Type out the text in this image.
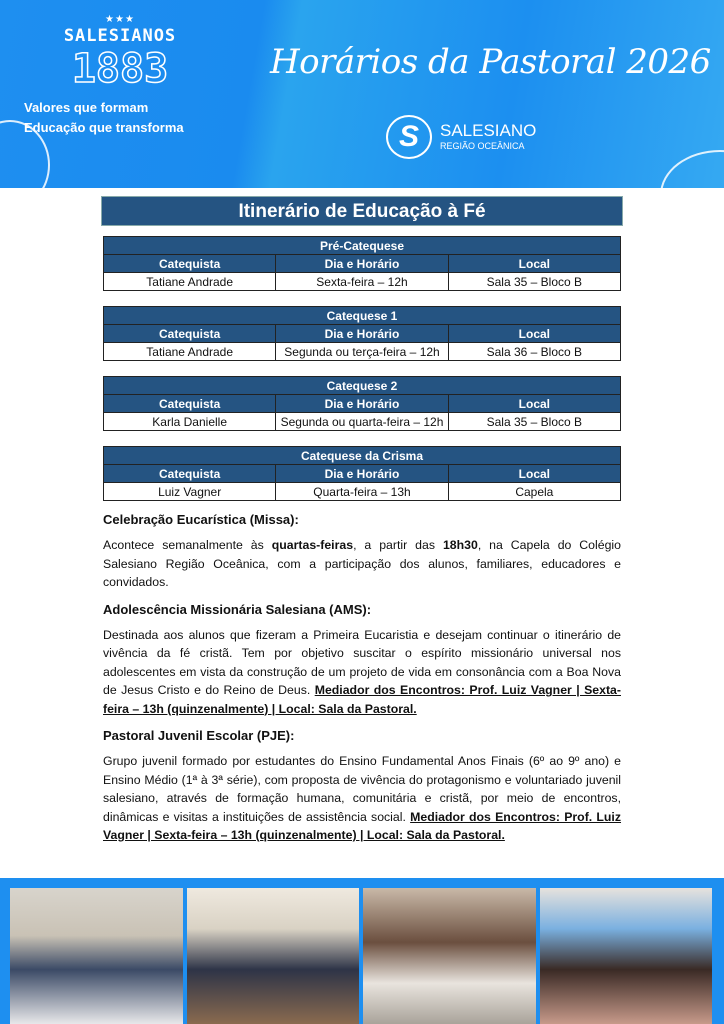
★★★
SALESIANOS
1883
Valores que formam
Educação que transforma
Horários da Pastoral 2026
S	SALESIANO
REGIÃO OCEÂNICA
Itinerário de Educação à Fé
Pré-Catequese		
Catequista	Dia e Horário	Local
Tatiane Andrade	Sexta-feira – 12h	Sala 35 – Bloco B
Catequese 1		
Catequista	Dia e Horário	Local
Tatiane Andrade	Segunda ou terça-feira – 12h	Sala 36 – Bloco B
Catequese 2		
Catequista	Dia e Horário	Local
Karla Danielle	Segunda ou quarta-feira – 12h	Sala 35 – Bloco B
Catequese da Crisma		
Catequista	Dia e Horário	Local
Luiz Vagner	Quarta-feira – 13h	Capela
Celebração Eucarística (Missa):
Acontece semanalmente às quartas-feiras, a partir das 18h30, na Capela do Colégio Salesiano Região Oceânica, com a participação dos alunos, familiares, educadores e convidados.
Adolescência Missionária Salesiana (AMS):
Destinada aos alunos que fizeram a Primeira Eucaristia e desejam continuar o itinerário de vivência da fé cristã. Tem por objetivo suscitar o espírito missionário universal nos adolescentes em vista da construção de um projeto de vida em consonância com a Boa Nova de Jesus Cristo e do Reino de Deus. Mediador dos Encontros: Prof. Luiz Vagner | Sexta-feira – 13h (quinzenalmente) | Local: Sala da Pastoral.
Pastoral Juvenil Escolar (PJE):
Grupo juvenil formado por estudantes do Ensino Fundamental Anos Finais (6º ao 9º ano) e Ensino Médio (1ª à 3ª série), com proposta de vivência do protagonismo e voluntariado juvenil salesiano, através de formação humana, comunitária e cristã, por meio de encontros, dinâmicas e visitas a instituições de assistência social. Mediador dos Encontros: Prof. Luiz Vagner | Sexta-feira – 13h (quinzenalmente) | Local: Sala da Pastoral.
